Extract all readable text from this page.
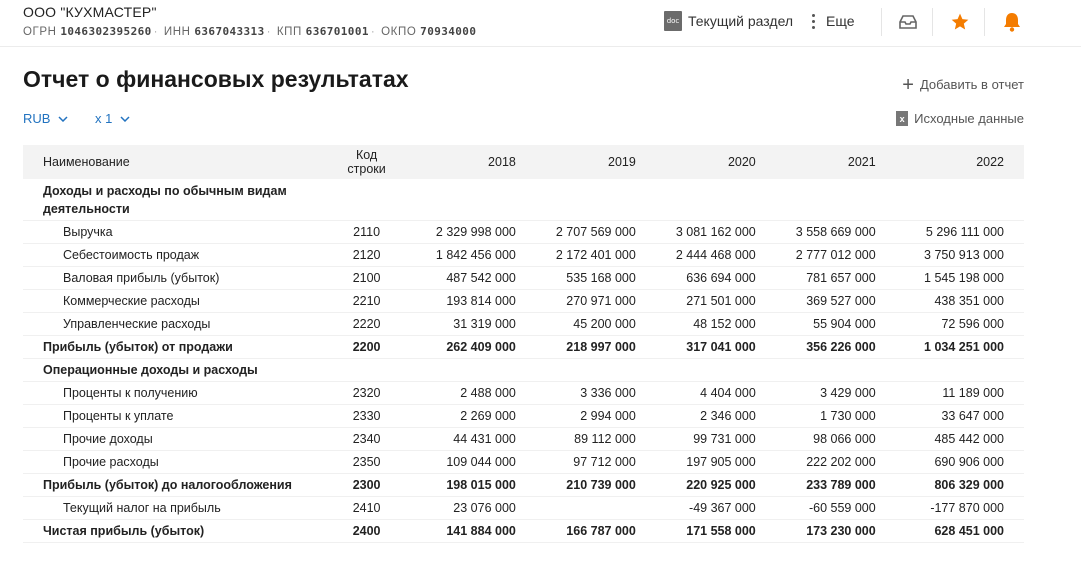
ООО "КУХМАСТЕР"
ОГРН 1046302395260 · ИНН 6367043313 · КПП 636701001 · ОКПО 70934000
doc Текущий раздел Еще
Отчет о финансовых результатах	+ Добавить в отчет
x Исходные данные
RUB	x 1
Наименование	Код строки	2018	2019	2020	2021	2022
Доходы и расходы по обычным видам деятельности						
Выручка	2110	2 329 998 000	2 707 569 000	3 081 162 000	3 558 669 000	5 296 111 000
Себестоимость продаж	2120	1 842 456 000	2 172 401 000	2 444 468 000	2 777 012 000	3 750 913 000
Валовая прибыль (убыток)	2100	487 542 000	535 168 000	636 694 000	781 657 000	1 545 198 000
Коммерческие расходы	2210	193 814 000	270 971 000	271 501 000	369 527 000	438 351 000
Управленческие расходы	2220	31 319 000	45 200 000	48 152 000	55 904 000	72 596 000
Прибыль (убыток) от продажи	2200	262 409 000	218 997 000	317 041 000	356 226 000	1 034 251 000
Операционные доходы и расходы						
Проценты к получению	2320	2 488 000	3 336 000	4 404 000	3 429 000	11 189 000
Проценты к уплате	2330	2 269 000	2 994 000	2 346 000	1 730 000	33 647 000
Прочие доходы	2340	44 431 000	89 112 000	99 731 000	98 066 000	485 442 000
Прочие расходы	2350	109 044 000	97 712 000	197 905 000	222 202 000	690 906 000
Прибыль (убыток) до налогообложения	2300	198 015 000	210 739 000	220 925 000	233 789 000	806 329 000
Текущий налог на прибыль	2410	23 076 000		-49 367 000	-60 559 000	-177 870 000
Чистая прибыль (убыток)	2400	141 884 000	166 787 000	171 558 000	173 230 000	628 451 000
